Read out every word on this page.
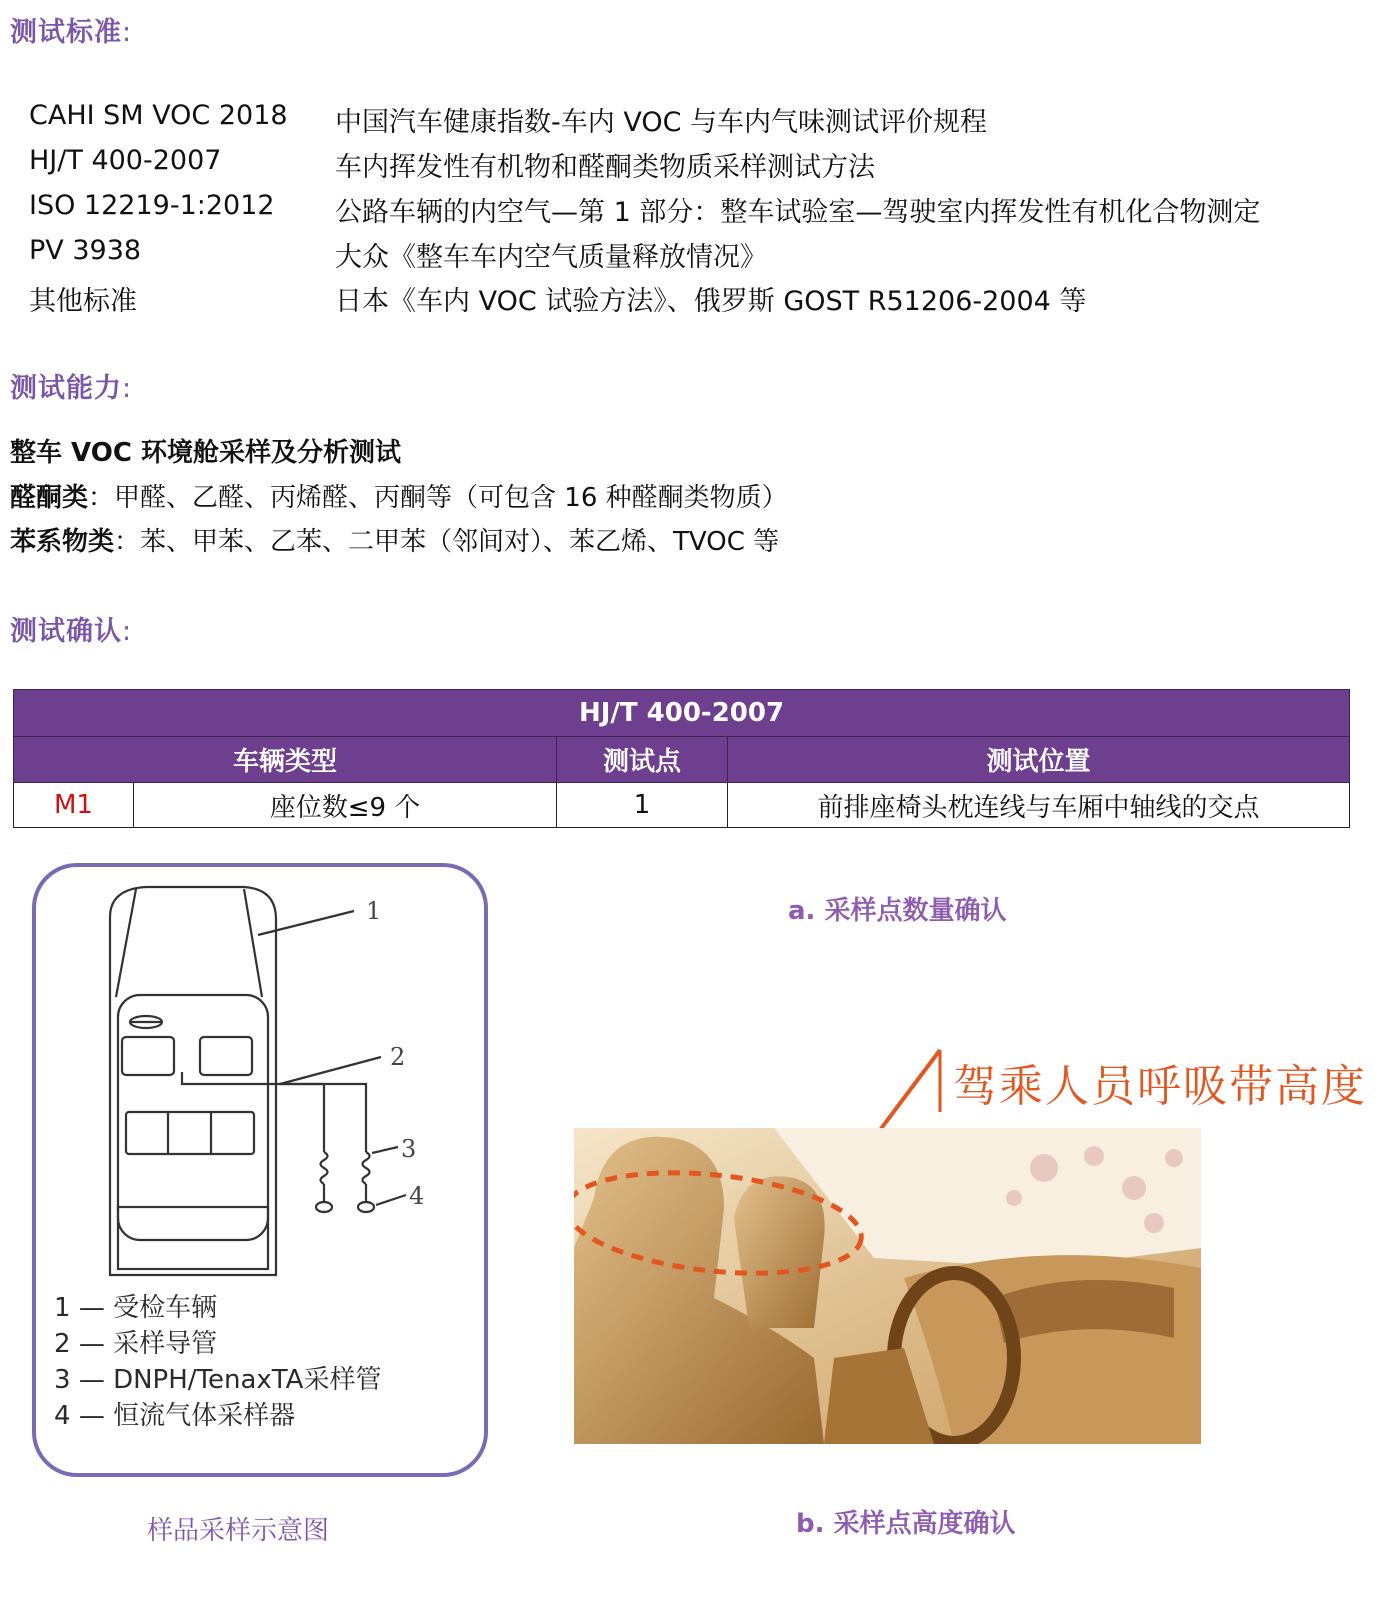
测试标准:
CAHI SM VOC 2018 中国汽车健康指数-车内 VOC 与车内气味测试评价规程
HJ/T 400-2007	车内挥发性有机物和醛酮类物质采样测试方法
ISO 12219-1:2012 公路车辆的内空气—第 1 部分：整车试验室—驾驶室内挥发性有机化合物测定
PV 3938	大众《整车车内空气质量释放情况》
其他标准	日本《车内 VOC 试验方法》、俄罗斯 GOST R51206-2004 等
测试能力:
整车 VOC 环境舱采样及分析测试
醛酮类：甲醛、乙醛、丙烯醛、丙酮等（可包含 16 种醛酮类物质）
苯系物类：苯、甲苯、乙苯、二甲苯（邻间对）、苯乙烯、TVOC 等
测试确认:
HJ/T 400-2007			
车辆类型		测试点	测试位置
M1	座位数≤9 个	1	前排座椅头枕连线与车厢中轴线的交点
1
2
3
4
1 — 受检车辆
2 — 采样导管
3 — DNPH/TenaxTA采样管
4 — 恒流气体采样器
样品采样示意图
a. 采样点数量确认
驾乘人员呼吸带高度
b. 采样点高度确认
